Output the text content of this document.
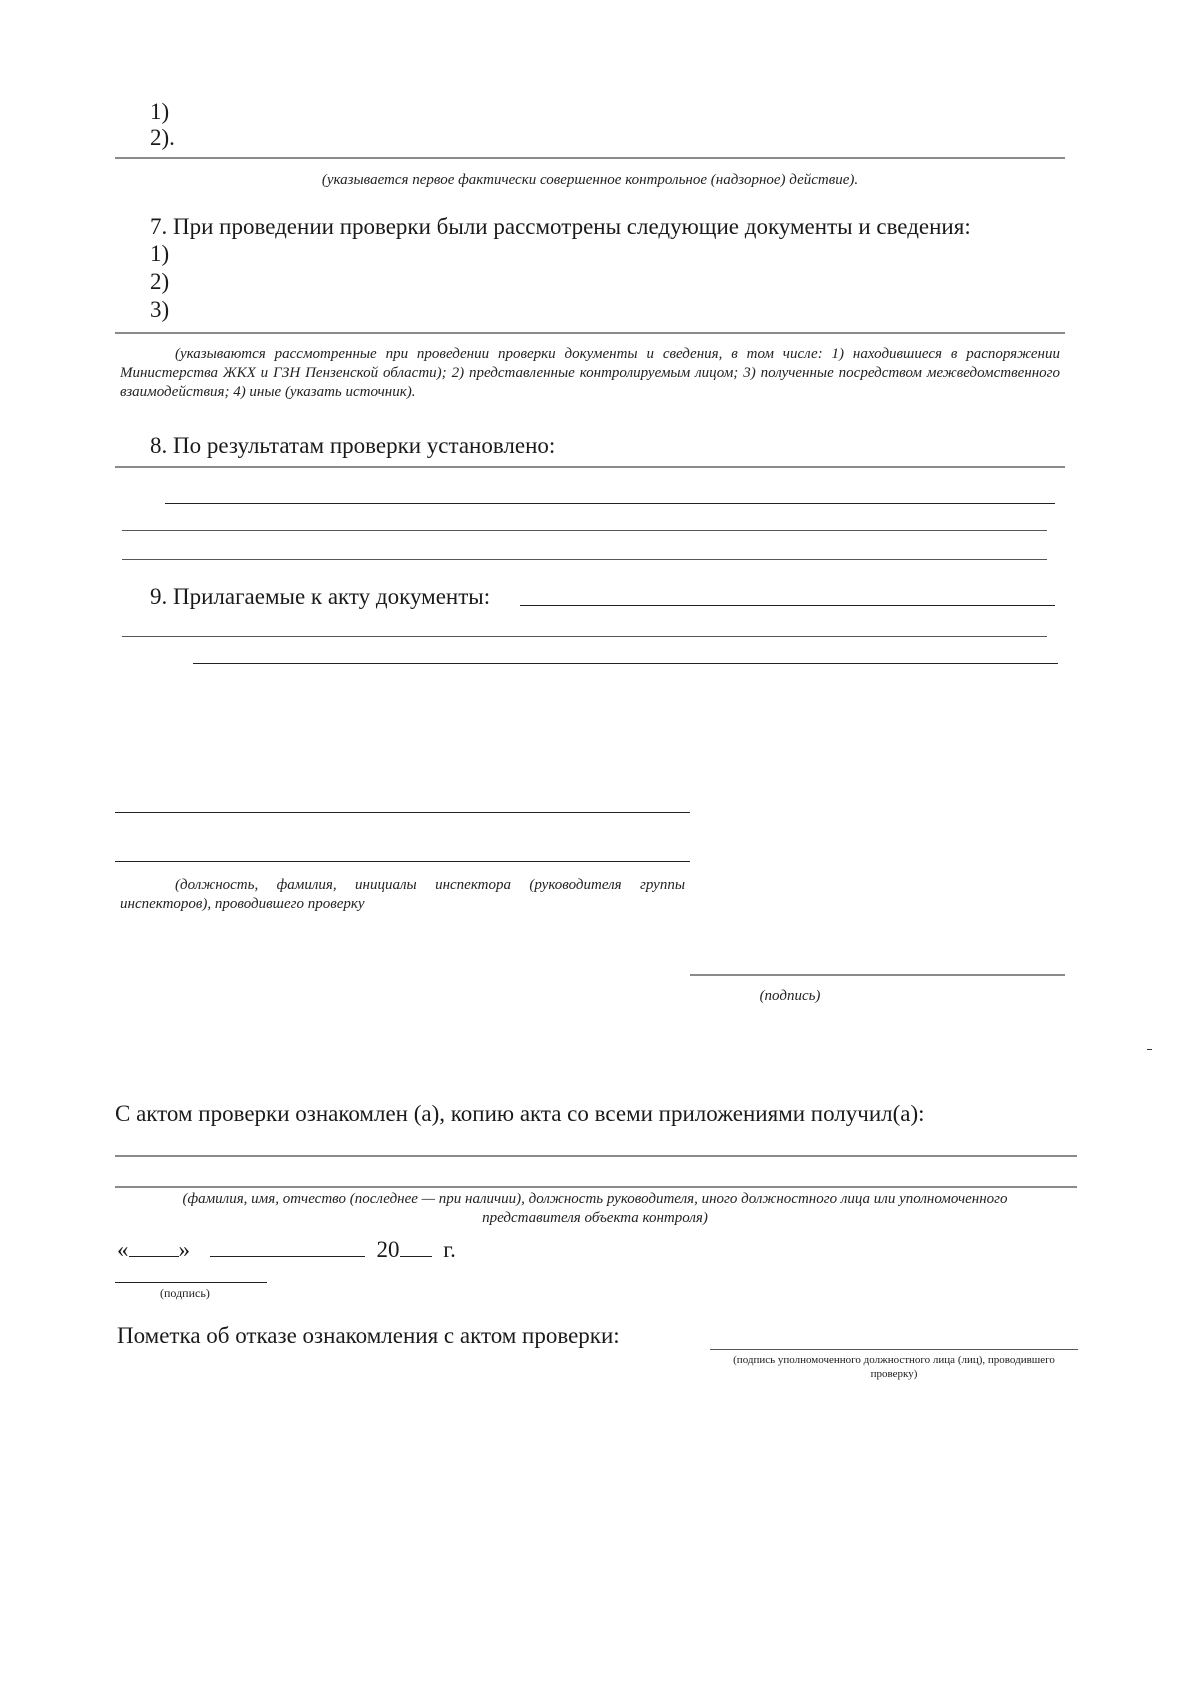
1)
2).
(указывается первое фактически совершенное контрольное (надзорное) действие).
7. При проведении проверки были рассмотрены следующие документы и сведения:
1)
2)
3)
(указываются рассмотренные при проведении проверки документы и сведения, в том числе: 1) находившиеся в распоряжении Министерства ЖКХ и ГЗН Пензенской области); 2) представленные контролируемым лицом; 3) полученные посредством межведомственного взаимодействия; 4) иные (указать источник).
8. По результатам проверки установлено:
9. Прилагаемые к акту документы:
(должность, фамилия, инициалы инспектора (руководителя группы инспекторов), проводившего проверку
(подпись)
С актом проверки ознакомлен (а), копию акта со всеми приложениями получил(а):
(фамилия, имя, отчество (последнее — при наличии), должность руководителя, иного должностного лица или уполномоченного представителя объекта контроля)
« »	20 г.
(подпись)
Пометка об отказе ознакомления с актом проверки:
(подпись уполномоченного должностного лица (лиц), проводившего проверку)
